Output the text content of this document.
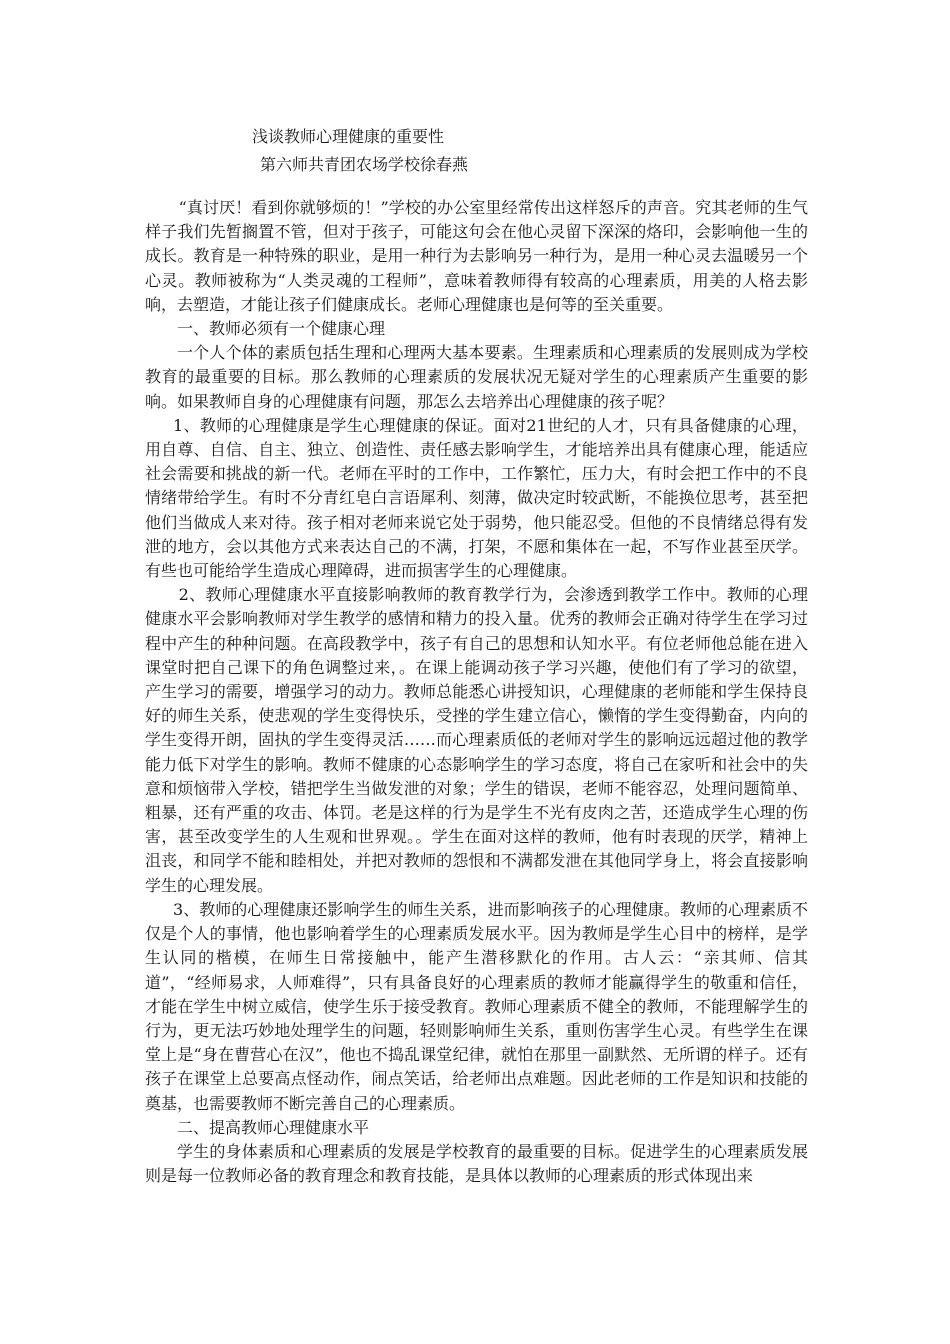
浅谈教师心理健康的重要性
第六师共青团农场学校徐春燕

“真讨厌！看到你就够烦的！”学校的办公室里经常传出这样怒斥的声音。究其老师的生气样子我们先暂搁置不管，但对于孩子，可能这句会在他心灵留下深深的烙印，会影响他一生的成长。教育是一种特殊的职业，是用一种行为去影响另一种行为，是用一种心灵去温暖另一个心灵。教师被称为“人类灵魂的工程师”，意味着教师得有较高的心理素质，用美的人格去影响，去塑造，才能让孩子们健康成长。老师心理健康也是何等的至关重要。

一、教师必须有一个健康心理

一个人个体的素质包括生理和心理两大基本要素。生理素质和心理素质的发展则成为学校教育的最重要的目标。那么教师的心理素质的发展状况无疑对学生的心理素质产生重要的影响。如果教师自身的心理健康有问题，那怎么去培养出心理健康的孩子呢？

1、教师的心理健康是学生心理健康的保证。面对21世纪的人才，只有具备健康的心理，用自尊、自信、自主、独立、创造性、责任感去影响学生，才能培养出具有健康心理，能适应社会需要和挑战的新一代。老师在平时的工作中，工作繁忙，压力大，有时会把工作中的不良情绪带给学生。有时不分青红皂白言语犀利、刻薄，做决定时较武断，不能换位思考，甚至把他们当做成人来对待。孩子相对老师来说它处于弱势，他只能忍受。但他的不良情绪总得有发泄的地方，会以其他方式来表达自己的不满，打架，不愿和集体在一起，不写作业甚至厌学。有些也可能给学生造成心理障碍，进而损害学生的心理健康。

2、教师心理健康水平直接影响教师的教育教学行为，会渗透到教学工作中。教师的心理健康水平会影响教师对学生教学的感情和精力的投入量。优秀的教师会正确对待学生在学习过程中产生的种种问题。在高段教学中，孩子有自己的思想和认知水平。有位老师他总能在进入课堂时把自己课下的角色调整过来，。在课上能调动孩子学习兴趣，使他们有了学习的欲望，产生学习的需要，增强学习的动力。教师总能悉心讲授知识，心理健康的老师能和学生保持良好的师生关系，使悲观的学生变得快乐，受挫的学生建立信心，懒惰的学生变得勤奋，内向的学生变得开朗，固执的学生变得灵活……而心理素质低的老师对学生的影响远远超过他的教学能力低下对学生的影响。教师不健康的心态影响学生的学习态度，将自己在家听和社会中的失意和烦恼带入学校，错把学生当做发泄的对象；学生的错误，老师不能容忍，处理问题简单、粗暴，还有严重的攻击、体罚。老是这样的行为是学生不光有皮肉之苦，还造成学生心理的伤害，甚至改变学生的人生观和世界观。。学生在面对这样的教师，他有时表现的厌学，精神上沮丧，和同学不能和睦相处，并把对教师的怨恨和不满都发泄在其他同学身上，将会直接影响学生的心理发展。

3、教师的心理健康还影响学生的师生关系，进而影响孩子的心理健康。教师的心理素质不仅是个人的事情，他也影响着学生的心理素质发展水平。因为教师是学生心目中的榜样，是学生认同的楷模，在师生日常接触中，能产生潜移默化的作用。古人云：“亲其师、信其道”，“经师易求，人师难得”，只有具备良好的心理素质的教师才能赢得学生的敬重和信任，才能在学生中树立威信，使学生乐于接受教育。教师心理素质不健全的教师，不能理解学生的行为，更无法巧妙地处理学生的问题，轻则影响师生关系，重则伤害学生心灵。有些学生在课堂上是“身在曹营心在汉”，他也不捣乱课堂纪律，就怕在那里一副默然、无所谓的样子。还有孩子在课堂上总要高点怪动作，闹点笑话，给老师出点难题。因此老师的工作是知识和技能的奠基，也需要教师不断完善自己的心理素质。

二、提高教师心理健康水平

学生的身体素质和心理素质的发展是学校教育的最重要的目标。促进学生的心理素质发展则是每一位教师必备的教育理念和教育技能，是具体以教师的心理素质的形式体现出来
